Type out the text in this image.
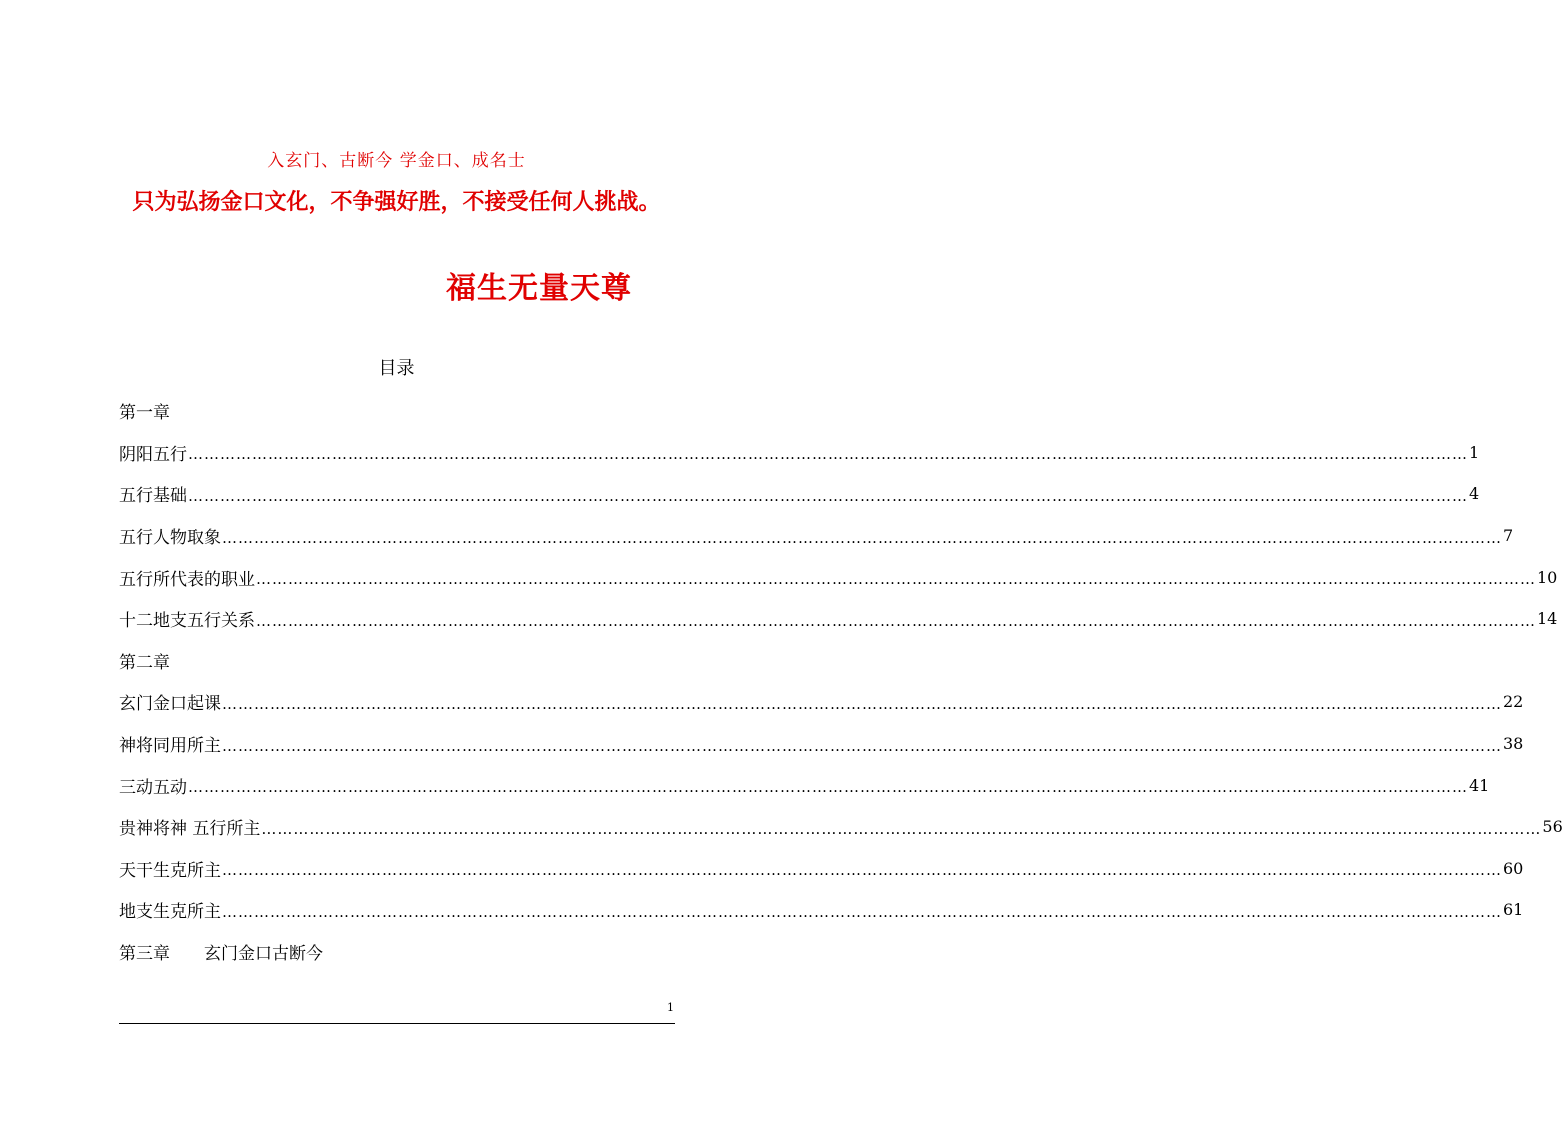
入玄门、古断今 学金口、成名士
只为弘扬金口文化，不争强好胜，不接受任何人挑战。
福生无量天尊
目录
第一章
阴阳五行 …………………………………………………………………………………………………………………………………………………………………………………………………………………… 1
五行基础 …………………………………………………………………………………………………………………………………………………………………………………………………………………… 4
五行人物取象 …………………………………………………………………………………………………………………………………………………………………………………………………………………… 7
五行所代表的职业 …………………………………………………………………………………………………………………………………………………………………………………………………………………… 10
十二地支五行关系 …………………………………………………………………………………………………………………………………………………………………………………………………………………… 14
第二章
玄门金口起课 …………………………………………………………………………………………………………………………………………………………………………………………………………………… 22
神将同用所主 …………………………………………………………………………………………………………………………………………………………………………………………………………………… 38
三动五动 …………………………………………………………………………………………………………………………………………………………………………………………………………………… 41
贵神将神 五行所主 …………………………………………………………………………………………………………………………………………………………………………………………………………………… 56
天干生克所主 …………………………………………………………………………………………………………………………………………………………………………………………………………………… 60
地支生克所主 …………………………………………………………………………………………………………………………………………………………………………………………………………………… 61
第三章 玄门金口古断今
1
